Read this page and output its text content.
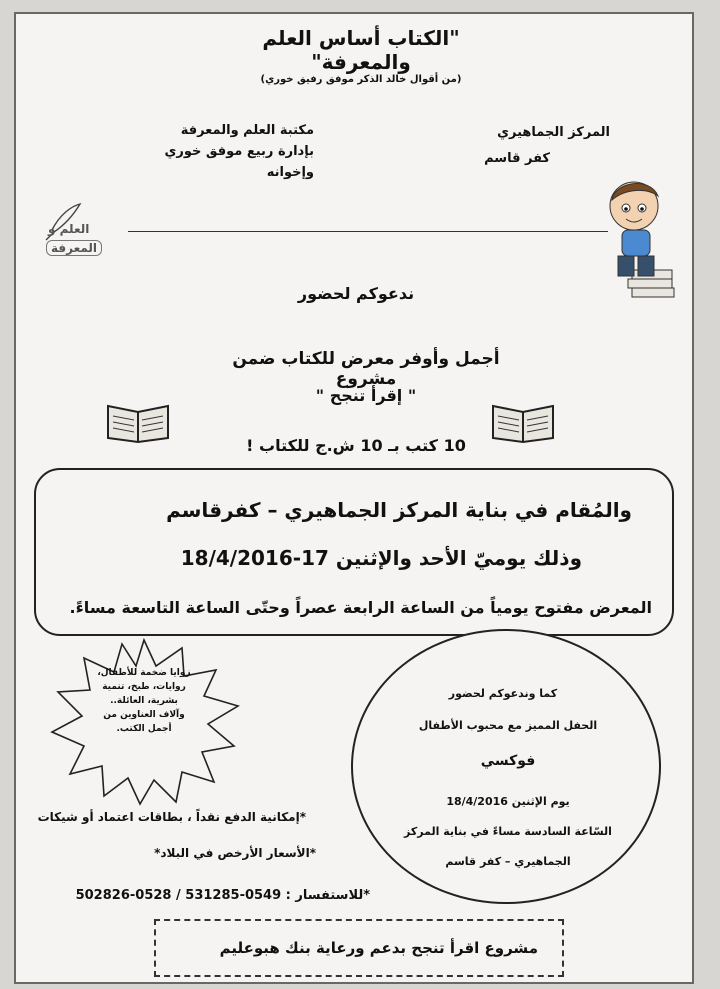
"الكتاب أساس العلم والمعرفة"
(من أقوال خالد الذكر موفق رفيق خوري)
المركز الجماهيري
كفر قاسم
مكتبة العلم والمعرفة
بإدارة ربيع موفق خوري
وإخوانه
العلم و
المعرفة
ندعوكم لحضور
أجمل وأوفر معرض للكتاب ضمن مشروع
" إقرأ تنجح "
10 كتب بـ 10 ش.ج للكتاب !
والمُقام في بناية المركز الجماهيري – كفرقاسم
وذلك يوميّ الأحد والإثنين 17-18/4/2016
المعرض مفتوح يومياً من الساعة الرابعة عصراً وحتّى الساعة التاسعة مساءً.
زوايا ضخمة للأطفال، روايات، طبخ، تنمية بشرية، العائلة.. وآلاف العناوين من أجمل الكتب.
كما وندعوكم لحضور
الحفل المميز مع محبوب الأطفال
فوكسي
يوم الإثنين 18/4/2016
السّاعة السادسة مساءً في بناية المركز
الجماهيري – كفر قاسم
*إمكانية الدفع نقداً ، بطاقات اعتماد أو شيكات
*الأسعار الأرخص في البلاد*
*للاستفسار : 0549-531285 / 0528-502826
مشروع اقرأ تنجح بدعم ورعاية بنك هبوعليم
